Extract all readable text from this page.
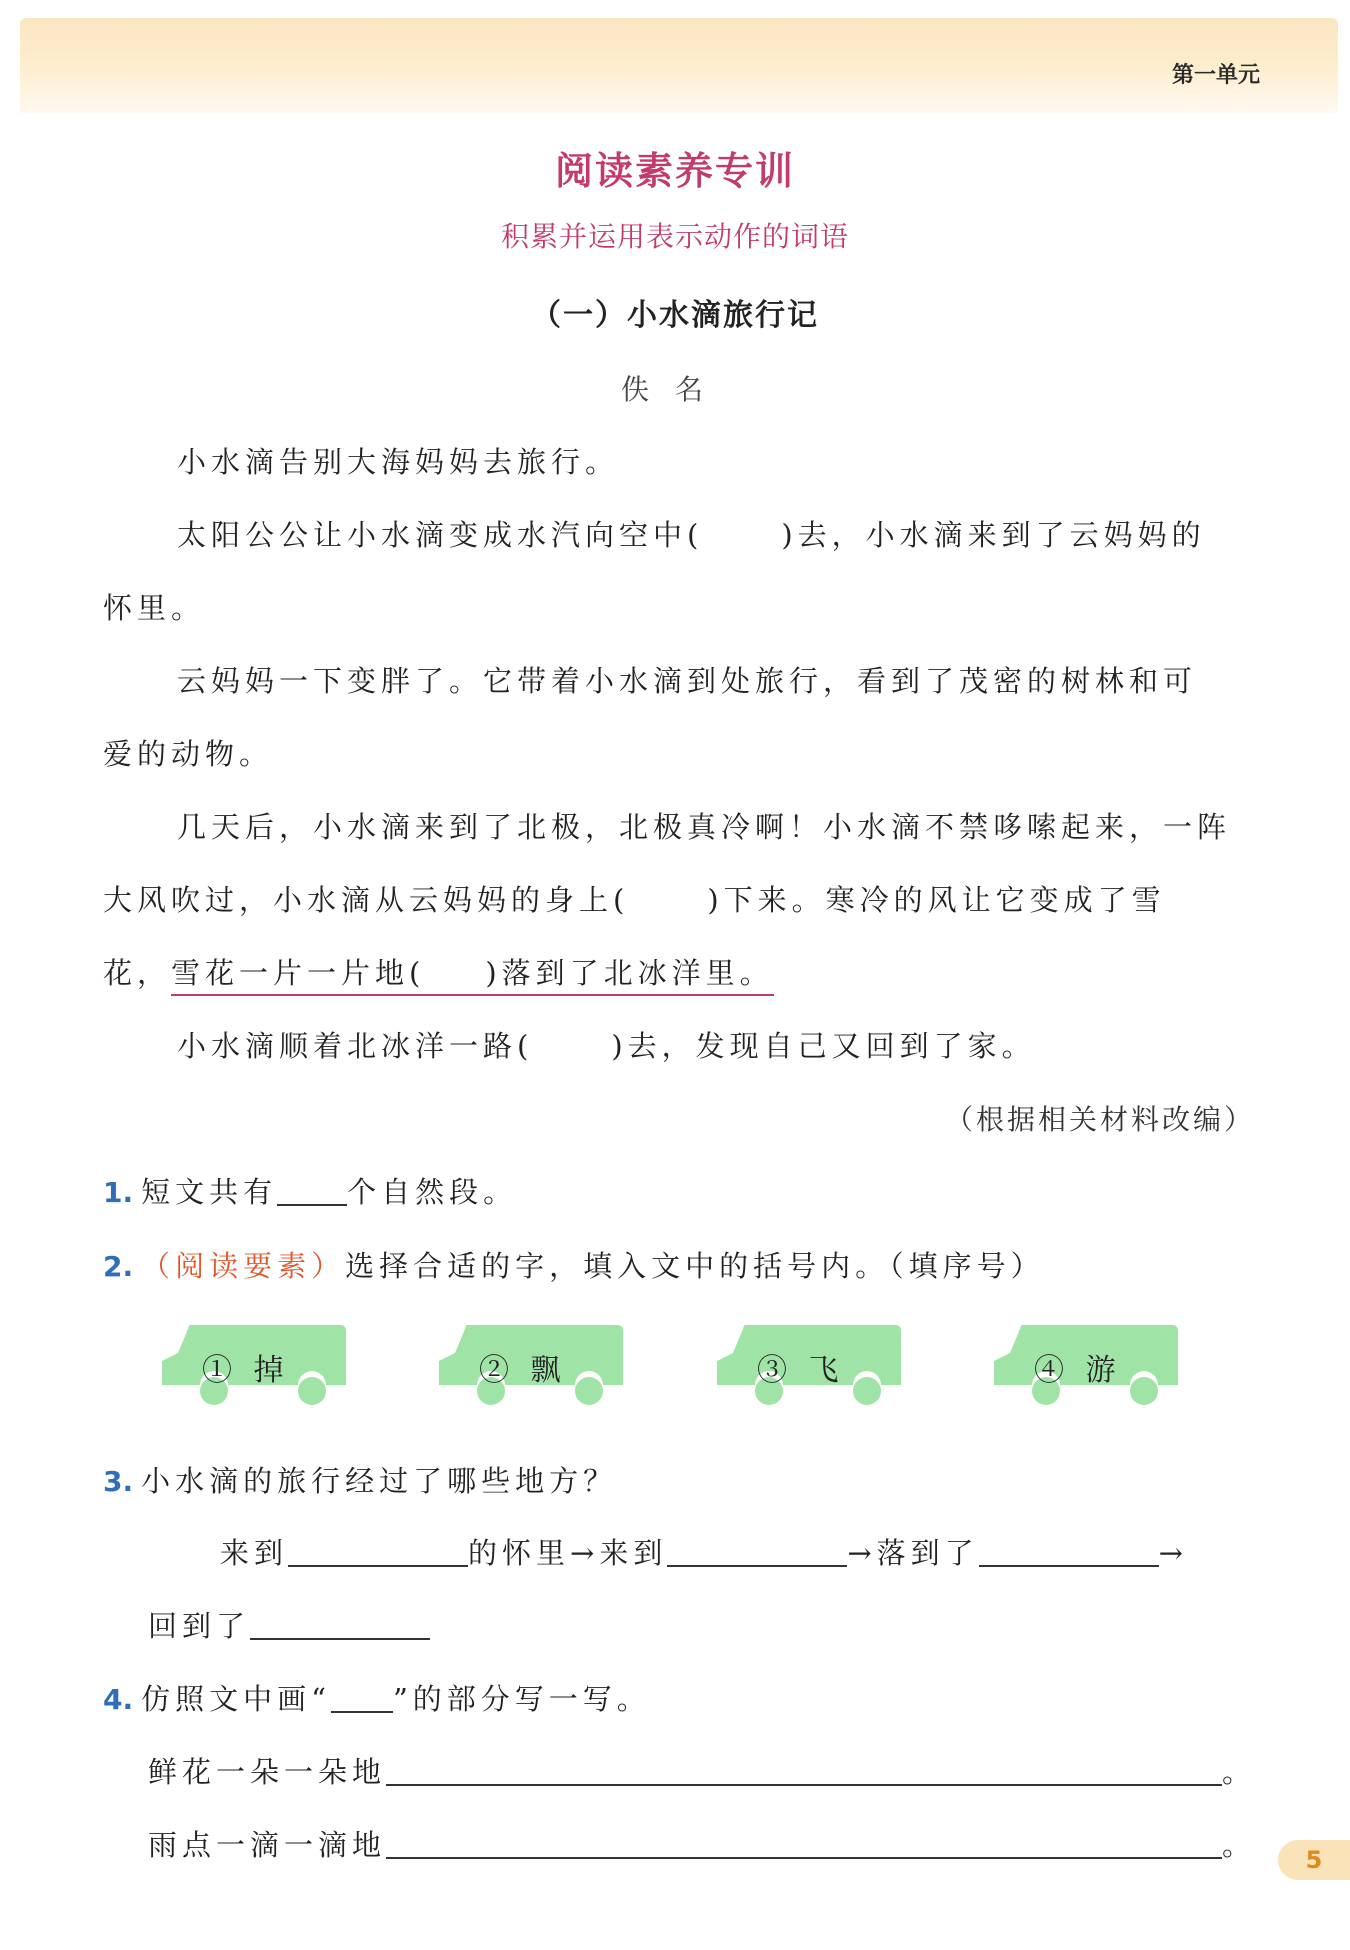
第一单元
阅读素养专训
积累并运用表示动作的词语
（一）小水滴旅行记
佚名
小水滴告别大海妈妈去旅行。
太阳公公让小水滴变成水汽向空中(	)去，小水滴来到了云妈妈的
怀里。
云妈妈一下变胖了。它带着小水滴到处旅行，看到了茂密的树林和可
爱的动物。
几天后，小水滴来到了北极，北极真冷啊！小水滴不禁哆嗦起来，一阵
大风吹过，小水滴从云妈妈的身上(	)下来。寒冷的风让它变成了雪
花，雪花一片一片地( )落到了北冰洋里。
小水滴顺着北冰洋一路(	)去，发现自己又回到了家。
（根据相关材料改编）
1. 短文共有 个自然段。
2. （阅读要素）选择合适的字，填入文中的括号内。（填序号）
① 掉	② 飘	③ 飞	④ 游
3. 小水滴的旅行经过了哪些地方？
来到	的怀里→来到	→落到了	→
回到了
4. 仿照文中画“ ”的部分写一写。
鲜花一朵一朵地	。
雨点一滴一滴地	。	5
